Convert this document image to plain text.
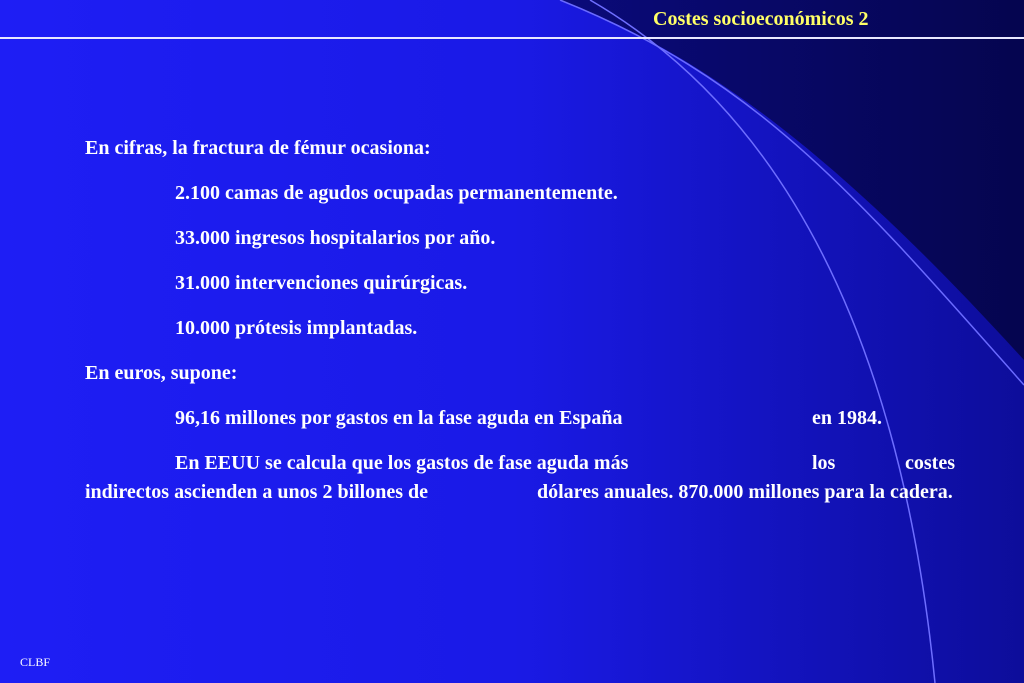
Costes socioeconómicos 2
En cifras, la fractura de fémur ocasiona:
2.100 camas de agudos ocupadas permanentemente.
33.000 ingresos hospitalarios por año.
31.000 intervenciones quirúrgicas.
10.000 prótesis implantadas.
En euros, supone:
96,16 millones por gastos en la fase aguda en España	en 1984.
En EEUU se calcula que los gastos de fase aguda más	los	costes
indirectos ascienden a unos 2 billones de	dólares anuales. 870.000 millones para la cadera.
CLBF
